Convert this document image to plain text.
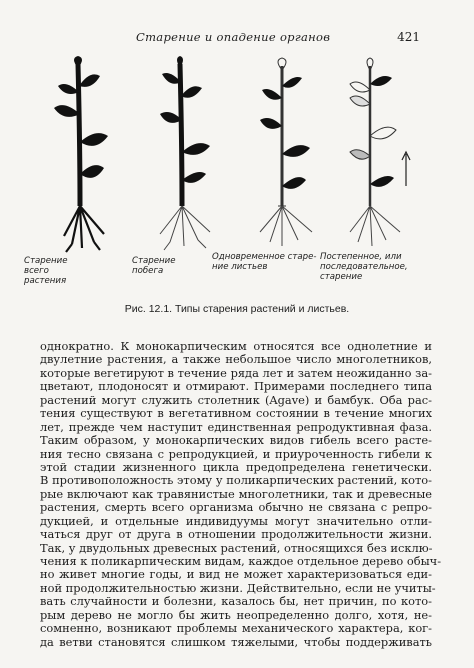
Старение и опадение органов	421
Старение
всего
растения
Старение
побега
Одновременное старе-
ние листьев
Постепенное, или
последовательное,
старение
Рис. 12.1. Типы старения растений и листьев.
однократно. К монокарпическим относятся все однолетние и
двулетние растения, а также небольшое число многолетников,
которые вегетируют в течение ряда лет и затем неожиданно за-
цветают, плодоносят и отмирают. Примерами последнего типа
растений могут служить столетник (Agave) и бамбук. Оба рас-
тения существуют в вегетативном состоянии в течение многих
лет, прежде чем наступит единственная репродуктивная фаза.
Таким образом, у монокарпических видов гибель всего расте-
ния тесно связана с репродукцией, и приуроченность гибели к
этой стадии жизненного цикла предопределена генетически.
В противоположность этому у поликарпических растений, кото-
рые включают как травянистые многолетники, так и древесные
растения, смерть всего организма обычно не связана с репро-
дукцией, и отдельные индивидуумы могут значительно отли-
чаться друг от друга в отношении продолжительности жизни.
Так, у двудольных древесных растений, относящихся без исклю-
чения к поликарпическим видам, каждое отдельное дерево обыч-
но живет многие годы, и вид не может характеризоваться еди-
ной продолжительностью жизни. Действительно, если не учиты-
вать случайности и болезни, казалось бы, нет причин, по кото-
рым дерево не могло бы жить неопределенно долго, хотя, не-
сомненно, возникают проблемы механического характера, ког-
да ветви становятся слишком тяжелыми, чтобы поддерживать
